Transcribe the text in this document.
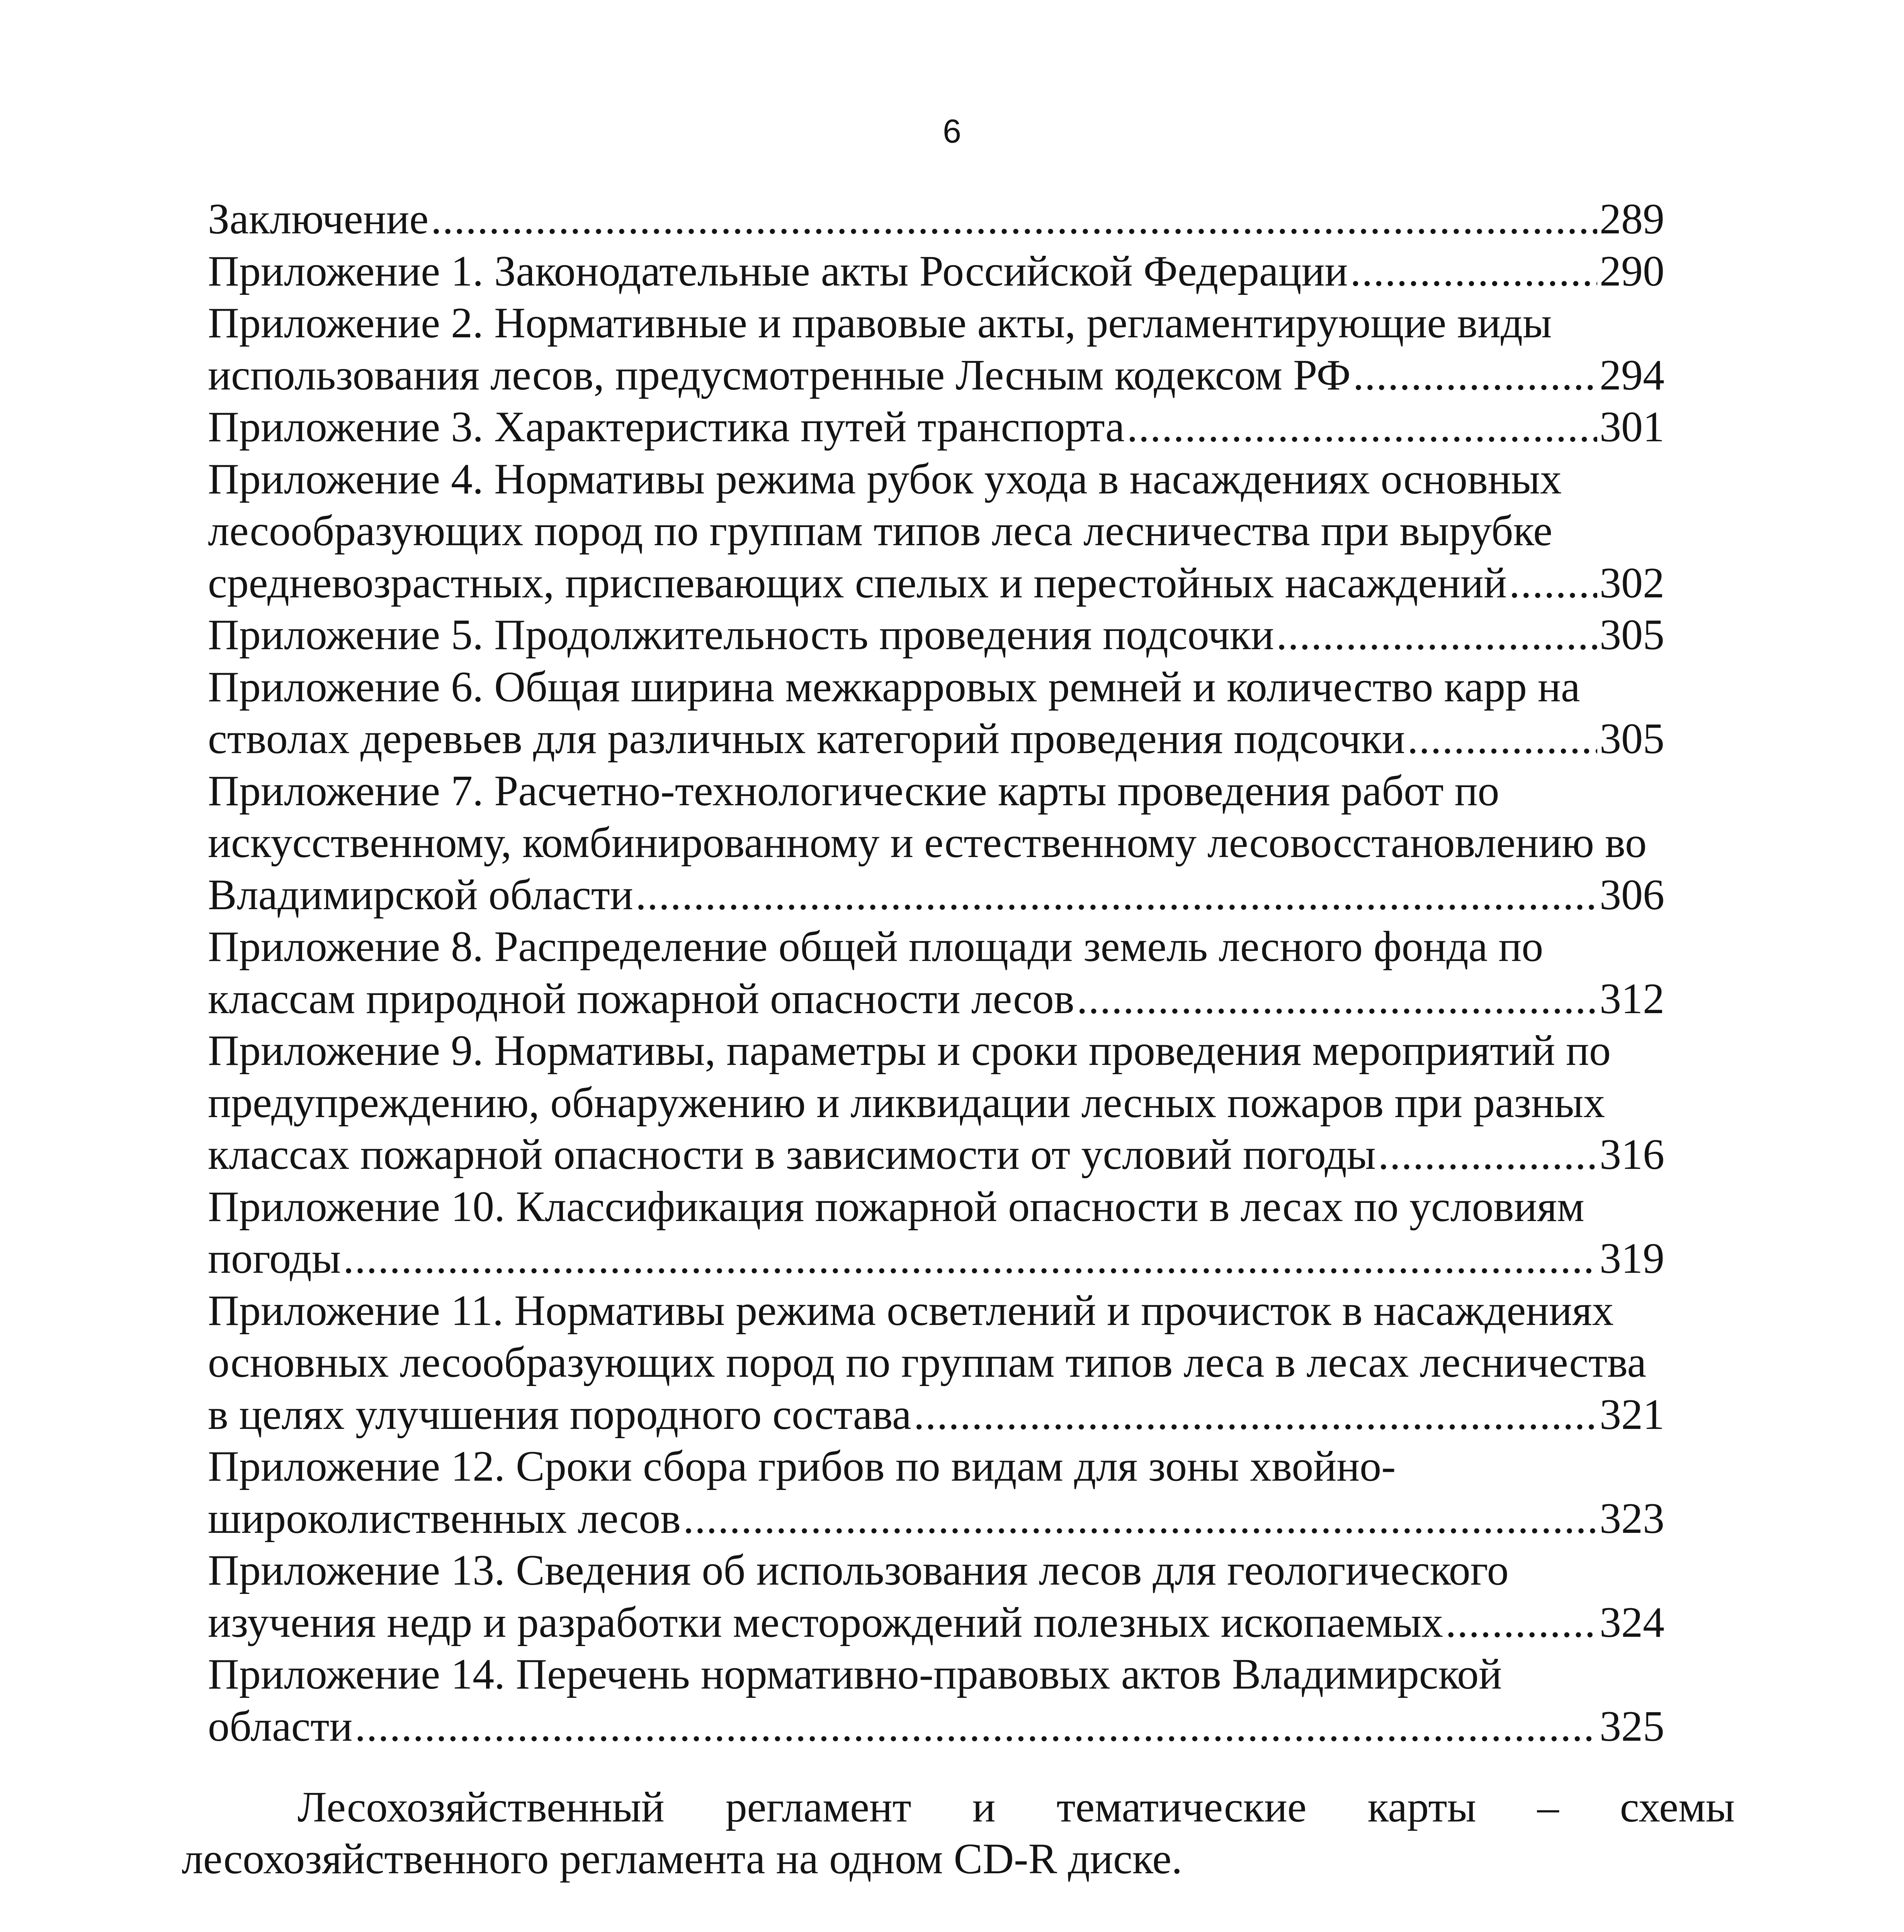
6
Заключение .....	289
Приложение 1. Законодательные акты Российской Федерации .....	290
Приложение 2. Нормативные и правовые акты, регламентирующие виды
использования лесов, предусмотренные Лесным кодексом РФ .....	294
Приложение 3. Характеристика путей транспорта .....	301
Приложение 4. Нормативы режима рубок ухода в насаждениях основных
лесообразующих пород по группам типов леса лесничества при вырубке
средневозрастных, приспевающих спелых и перестойных насаждений ..... 302
Приложение 5. Продолжительность проведения подсочки .....	305
Приложение 6. Общая ширина межкарровых ремней и количество карр на
стволах деревьев для различных категорий проведения подсочки .....	305
Приложение 7. Расчетно-технологические карты проведения работ по
искусственному, комбинированному и естественному лесовосстановлению во
Владимирской области .....	306
Приложение 8. Распределение общей площади земель лесного фонда по
классам природной пожарной опасности лесов .....	312
Приложение 9. Нормативы, параметры и сроки проведения мероприятий по
предупреждению, обнаружению и ликвидации лесных пожаров при разных
классах пожарной опасности в зависимости от условий погоды .....	316
Приложение 10. Классификация пожарной опасности в лесах по условиям
погоды .....	319
Приложение 11. Нормативы режима осветлений и прочисток в насаждениях
основных лесообразующих пород по группам типов леса в лесах лесничества
в целях улучшения породного состава .....	321
Приложение 12. Сроки сбора грибов по видам для зоны хвойно-
широколиственных лесов .....	323
Приложение 13. Сведения об использования лесов для геологического
изучения недр и разработки месторождений полезных ископаемых .....	324
Приложение 14. Перечень нормативно-правовых актов Владимирской
области .....	325
Лесохозяйственный регламент и тематические карты – схемы
лесохозяйственного регламента на одном CD-R диске.
